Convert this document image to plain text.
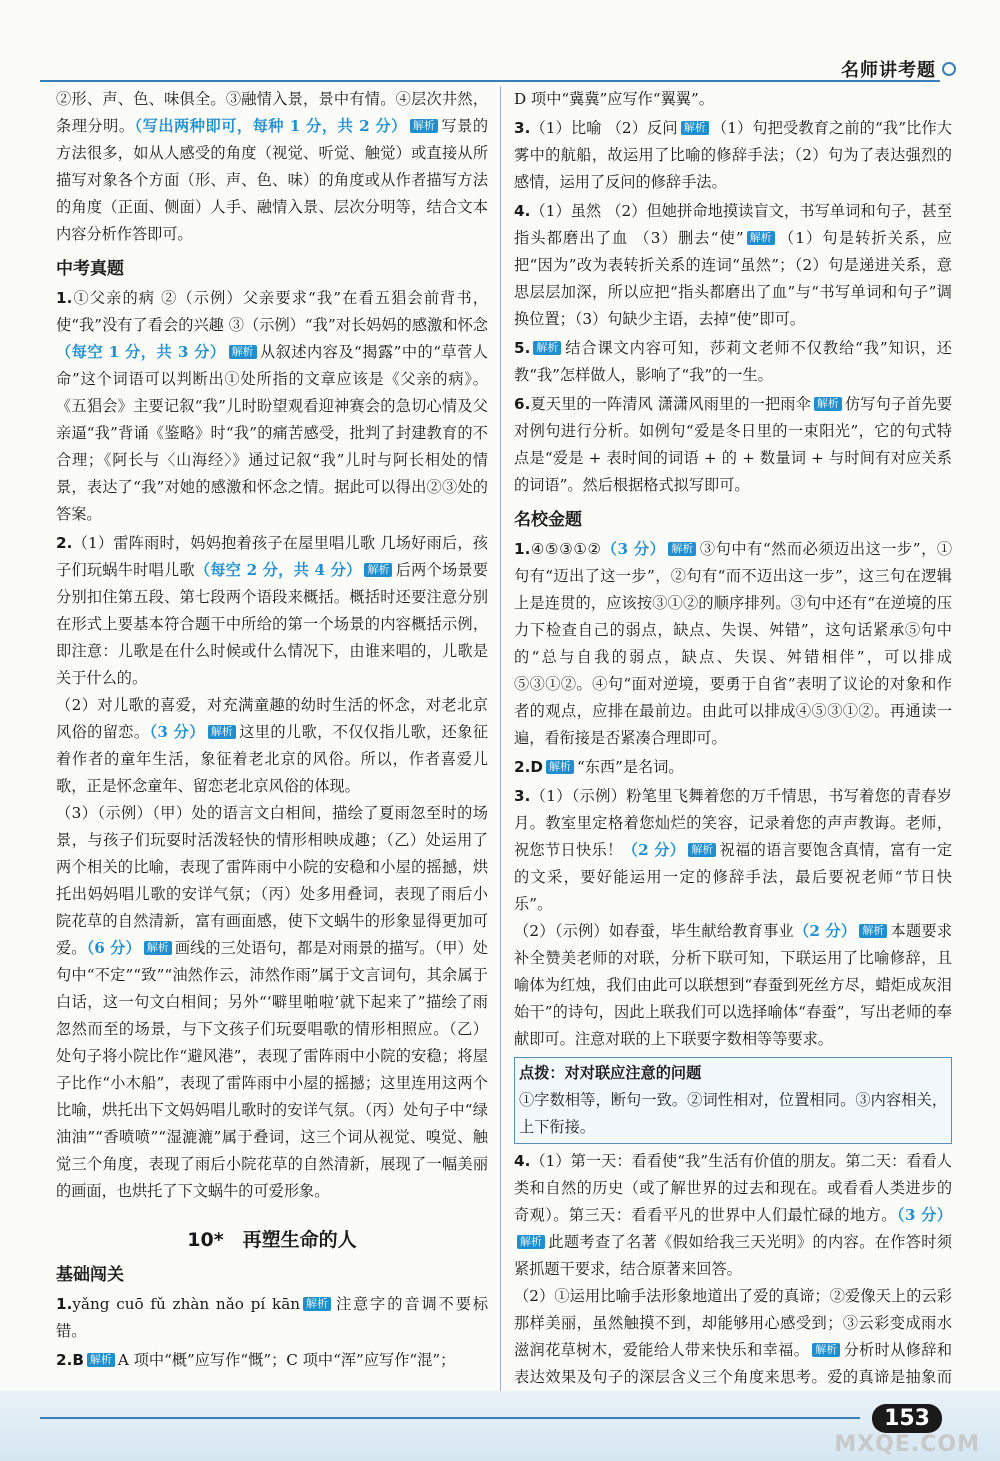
名师讲考题

②形、声、色、味俱全。③融情入景，景中有情。④层次井然，条理分明。（写出两种即可，每种 1 分，共 2 分） 解析 写景的方法很多，如从人感受的角度（视觉、听觉、触觉）或直接从所描写对象各个方面（形、声、色、味）的角度或从作者描写方法的角度（正面、侧面）人手、融情入景、层次分明等，结合文本内容分析作答即可。

中考真题

1.①父亲的病 ②（示例）父亲要求“我”在看五猖会前背书，使“我”没有了看会的兴趣 ③（示例）“我”对长妈妈的感激和怀念（每空 1 分，共 3 分） 解析 从叙述内容及“揭露”中的“草菅人命”这个词语可以判断出①处所指的文章应该是《父亲的病》。《五猖会》主要记叙“我”儿时盼望观看迎神赛会的急切心情及父亲逼“我”背诵《鉴略》时“我”的痛苦感受，批判了封建教育的不合理；《阿长与〈山海经〉》通过记叙“我”儿时与阿长相处的情景，表达了“我”对她的感激和怀念之情。据此可以得出②③处的答案。

2.（1）雷阵雨时，妈妈抱着孩子在屋里唱儿歌 几场好雨后，孩子们玩蜗牛时唱儿歌（每空 2 分，共 4 分） 解析 后两个场景要分别扣住第五段、第七段两个语段来概括。概括时还要注意分别在形式上要基本符合题干中所给的第一个场景的内容概括示例，即注意：儿歌是在什么时候或什么情况下，由谁来唱的，儿歌是关于什么的。

（2）对儿歌的喜爱，对充满童趣的幼时生活的怀念，对老北京风俗的留恋。（3 分） 解析 这里的儿歌，不仅仅指儿歌，还象征着作者的童年生活，象征着老北京的风俗。所以，作者喜爱儿歌，正是怀念童年、留恋老北京风俗的体现。

（3）（示例）（甲）处的语言文白相间，描绘了夏雨忽至时的场景，与孩子们玩耍时活泼轻快的情形相映成趣；（乙）处运用了两个相关的比喻，表现了雷阵雨中小院的安稳和小屋的摇撼，烘托出妈妈唱儿歌的安详气氛；（丙）处多用叠词，表现了雨后小院花草的自然清新，富有画面感，使下文蜗牛的形象显得更加可爱。（6 分） 解析 画线的三处语句，都是对雨景的描写。（甲）处句中“不定”“致”“油然作云，沛然作雨”属于文言词句，其余属于白话，这一句文白相间；另外“‘噼里啪啦’就下起来了”描绘了雨忽然而至的场景，与下文孩子们玩耍唱歌的情形相照应。（乙）处句子将小院比作“避风港”，表现了雷阵雨中小院的安稳；将屋子比作“小木船”，表现了雷阵雨中小屋的摇撼；这里连用这两个比喻，烘托出下文妈妈唱儿歌时的安详气氛。（丙）处句子中“绿油油”“香喷喷”“湿漉漉”属于叠词，这三个词从视觉、嗅觉、触觉三个角度，表现了雨后小院花草的自然清新，展现了一幅美丽的画面，也烘托了下文蜗牛的可爱形象。

10*　再塑生命的人
基础闯关

1.yǎng cuō fǔ zhàn nǎo pí kān 解析 注意字的音调不要标错。

2.B 解析 A 项中“概”应写作“慨”；C 项中“浑”应写作“混”；

D 项中“冀冀”应写作“翼翼”。

3.（1）比喻 （2）反问 解析 （1）句把受教育之前的“我”比作大雾中的航船，故运用了比喻的修辞手法；（2）句为了表达强烈的感情，运用了反问的修辞手法。

4.（1）虽然 （2）但她拼命地摸读盲文，书写单词和句子，甚至指头都磨出了血 （3）删去“使” 解析 （1）句是转折关系，应把“因为”改为表转折关系的连词“虽然”；（2）句是递进关系，意思层层加深，所以应把“指头都磨出了血”与“书写单词和句子”调换位置；（3）句缺少主语，去掉“使”即可。

5. 解析 结合课文内容可知，莎莉文老师不仅教给“我”知识，还教“我”怎样做人，影响了“我”的一生。

6.夏天里的一阵清风 潇潇风雨里的一把雨伞 解析 仿写句子首先要对例句进行分析。如例句“爱是冬日里的一束阳光”，它的句式特点是“爱是 + 表时间的词语 + 的 + 数量词 + 与时间有对应关系的词语”。然后根据格式拟写即可。

名校金题

1.④⑤③①②（3 分） 解析 ③句中有“然而必须迈出这一步”，①句有“迈出了这一步”，②句有“而不迈出这一步”，这三句在逻辑上是连贯的，应该按③①②的顺序排列。③句中还有“在逆境的压力下检查自己的弱点，缺点、失误、舛错”，这句话紧承⑤句中的“总与自我的弱点，缺点、失误、舛错相伴”，可以排成⑤③①②。④句“面对逆境，要勇于自省”表明了议论的对象和作者的观点，应排在最前边。由此可以排成④⑤③①②。再通读一遍，看衔接是否紧凑合理即可。

2.D 解析 “东西”是名词。

3.（1）（示例）粉笔里飞舞着您的万千情思，书写着您的青春岁月。教室里定格着您灿烂的笑容，记录着您的声声教诲。老师，祝您节日快乐！（2 分） 解析 祝福的语言要饱含真情，富有一定的文采，要好能运用一定的修辞手法，最后要祝老师“节日快乐”。

（2）（示例）如春蚕，毕生献给教育事业（2 分） 解析 本题要求补全赞美老师的对联，分析下联可知，下联运用了比喻修辞，且喻体为红烛，我们由此可以联想到“春蚕到死丝方尽，蜡炬成灰泪始干”的诗句，因此上联我们可以选择喻体“春蚕”，写出老师的奉献即可。注意对联的上下联要字数相等等要求。

点拨：对对联应注意的问题

①字数相等，断句一致。②词性相对，位置相同。③内容相关，上下衔接。

4.（1）第一天：看看使“我”生活有价值的朋友。第二天：看看人类和自然的历史（或了解世界的过去和现在。或看看人类进步的奇观）。第三天：看看平凡的世界中人们最忙碌的地方。（3 分）解析 此题考查了名著《假如给我三天光明》的内容。在作答时须紧抓题干要求，结合原著来回答。

（2）①运用比喻手法形象地道出了爱的真谛；②爱像天上的云彩那样美丽，虽然触摸不到，却能够用心感受到；③云彩变成雨水滋润花草树木，爱能给人带来快乐和幸福。 解析 分析时从修辞和表达效果及句子的深层含义三个角度来思考。爱的真谛是抽象而

153
MXQE.COM
